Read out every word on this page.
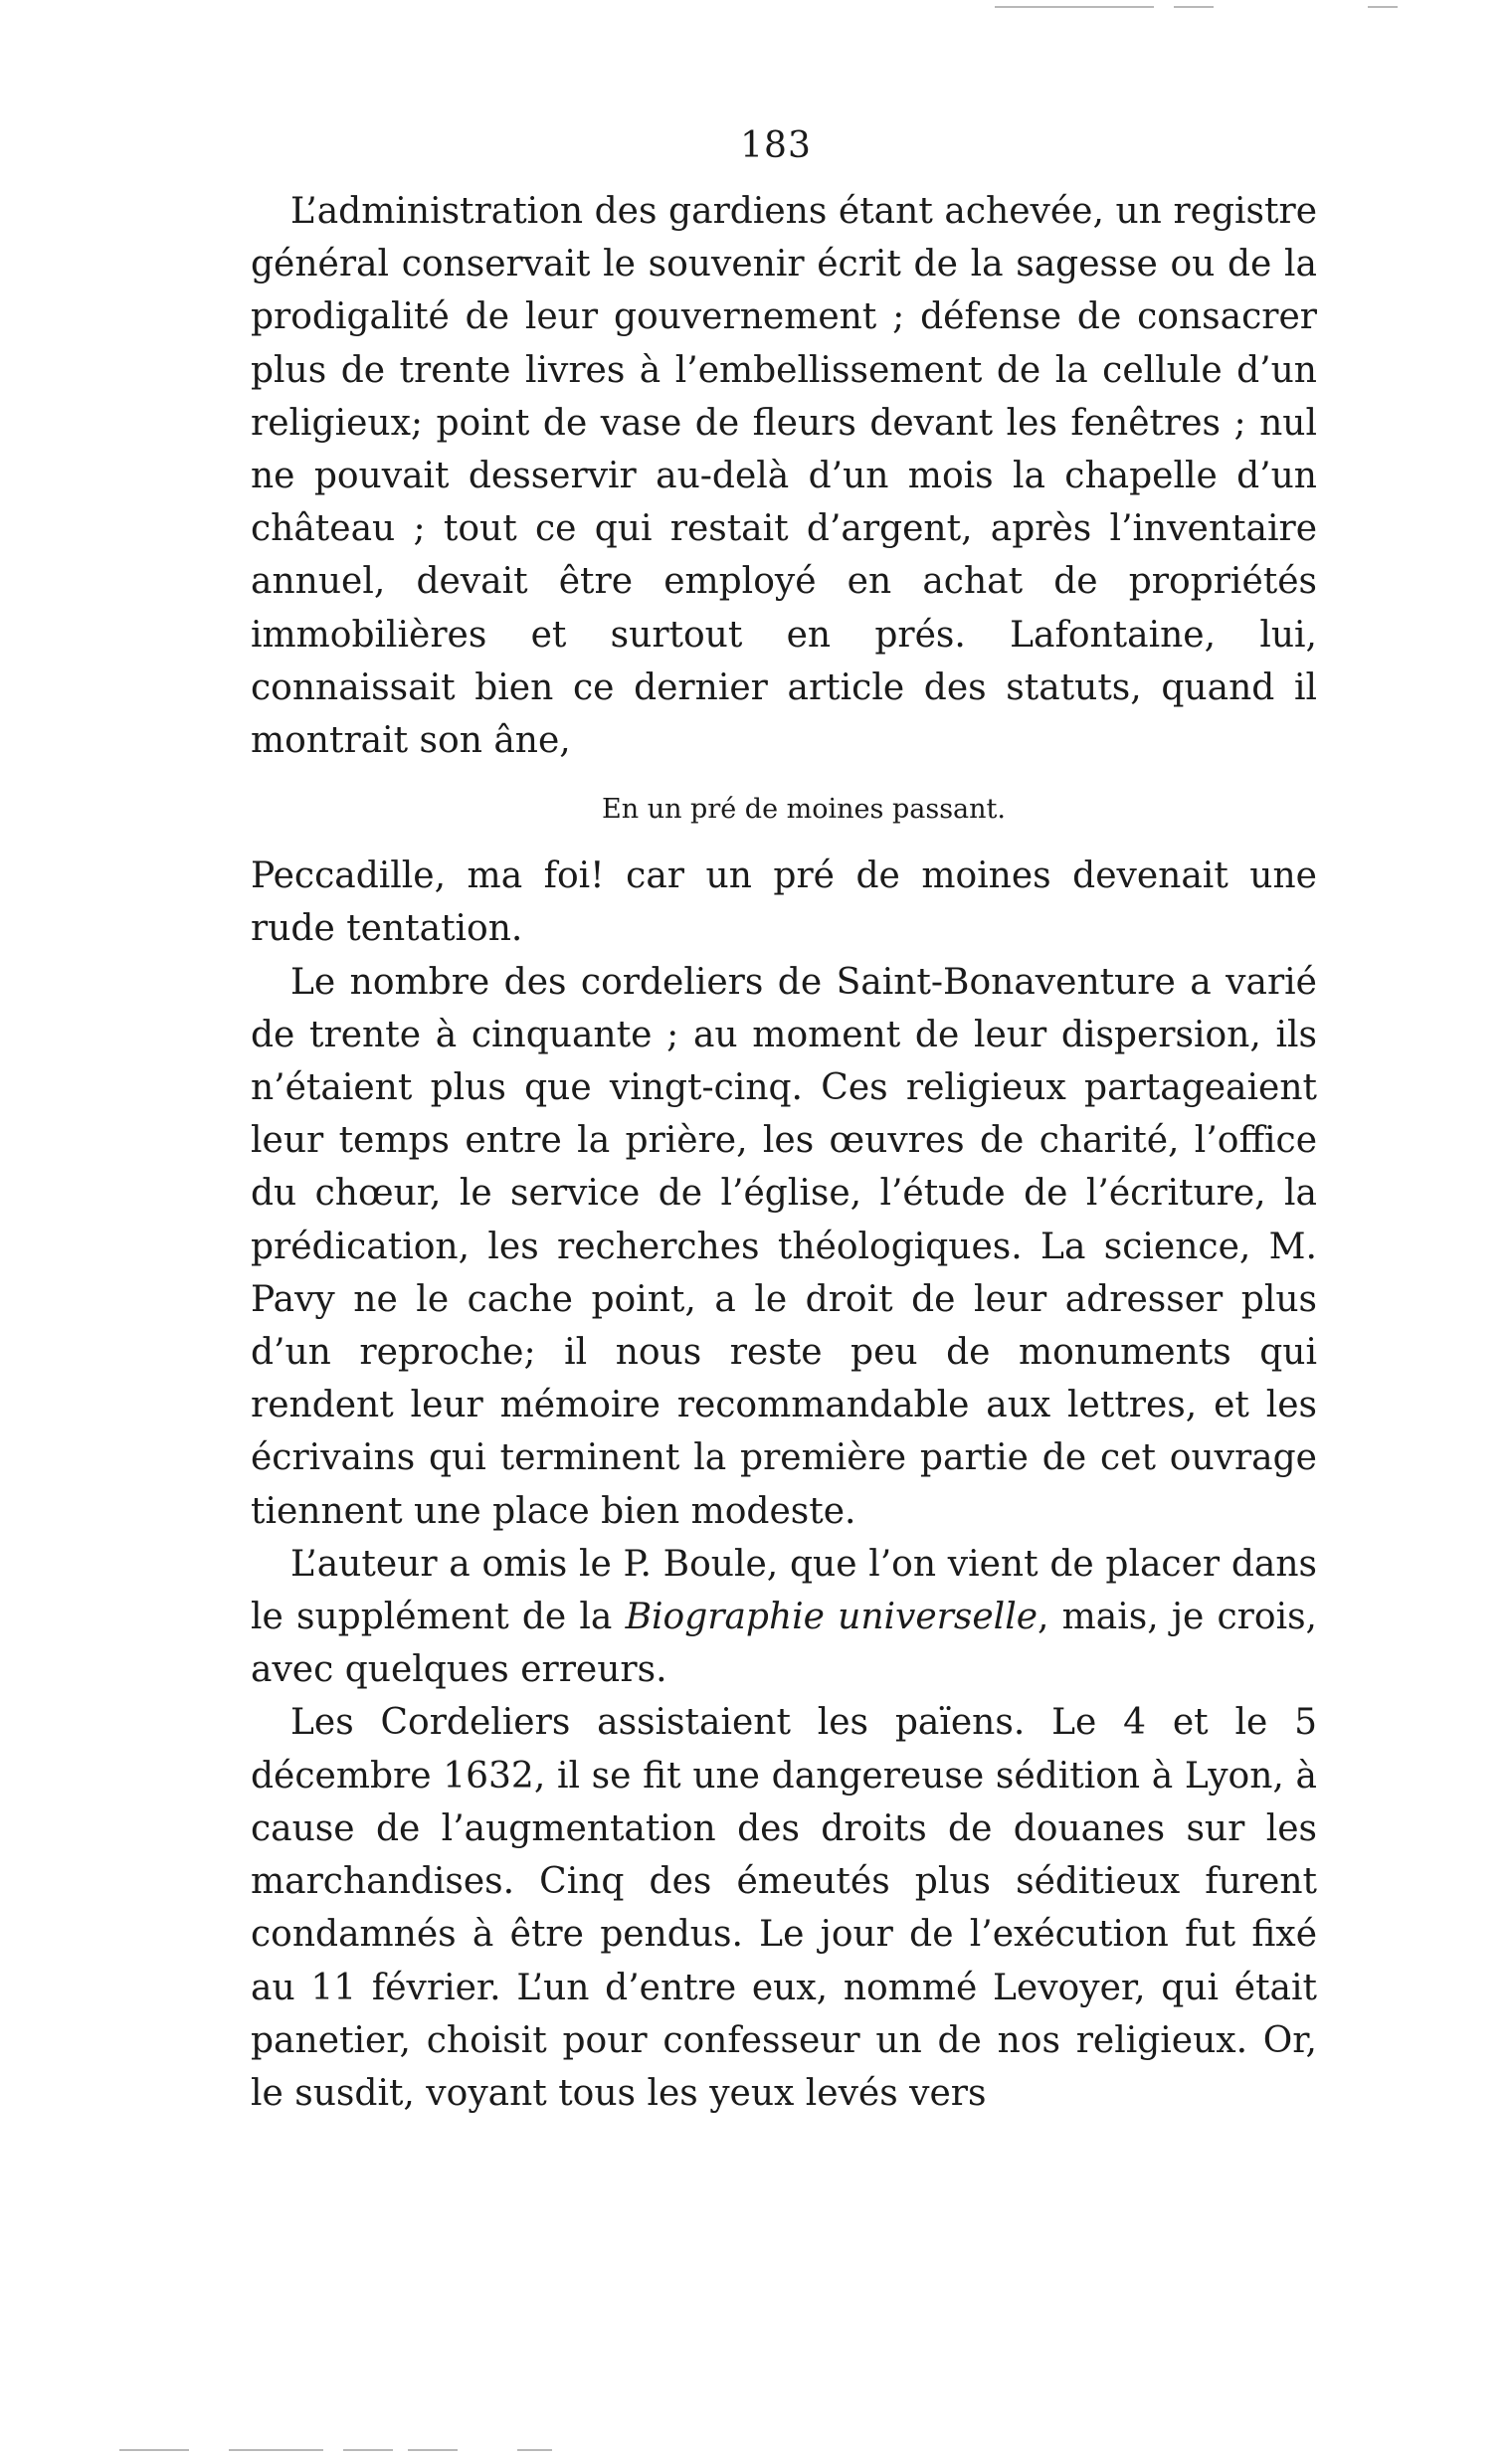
183

L’administration des gardiens étant achevée, un registre général conservait le souvenir écrit de la sagesse ou de la prodigalité de leur gouvernement ; défense de consacrer plus de trente livres à l’embellissement de la cellule d’un religieux; point de vase de fleurs devant les fenêtres ; nul ne pouvait desservir au-delà d’un mois la chapelle d’un château ; tout ce qui restait d’argent, après l’inventaire annuel, devait être employé en achat de propriétés immobilières et surtout en prés. Lafontaine, lui, connaissait bien ce dernier article des statuts, quand il montrait son âne,

En un pré de moines passant.

Peccadille, ma foi! car un pré de moines devenait une rude tentation.

Le nombre des cordeliers de Saint-Bonaventure a varié de trente à cinquante ; au moment de leur dispersion, ils n’étaient plus que vingt-cinq. Ces religieux partageaient leur temps entre la prière, les œuvres de charité, l’office du chœur, le service de l’église, l’étude de l’écriture, la prédication, les recherches théologiques. La science, M. Pavy ne le cache point, a le droit de leur adresser plus d’un reproche; il nous reste peu de monuments qui rendent leur mémoire recommandable aux lettres, et les écrivains qui terminent la première partie de cet ouvrage tiennent une place bien modeste.

L’auteur a omis le P. Boule, que l’on vient de placer dans le supplément de la Biographie universelle, mais, je crois, avec quelques erreurs.

Les Cordeliers assistaient les païens. Le 4 et le 5 décembre 1632, il se fit une dangereuse sédition à Lyon, à cause de l’augmentation des droits de douanes sur les marchandises. Cinq des émeutés plus séditieux furent condamnés à être pendus. Le jour de l’exécution fut fixé au 11 février. L’un d’entre eux, nommé Levoyer, qui était panetier, choisit pour confesseur un de nos religieux. Or, le susdit, voyant tous les yeux levés vers
